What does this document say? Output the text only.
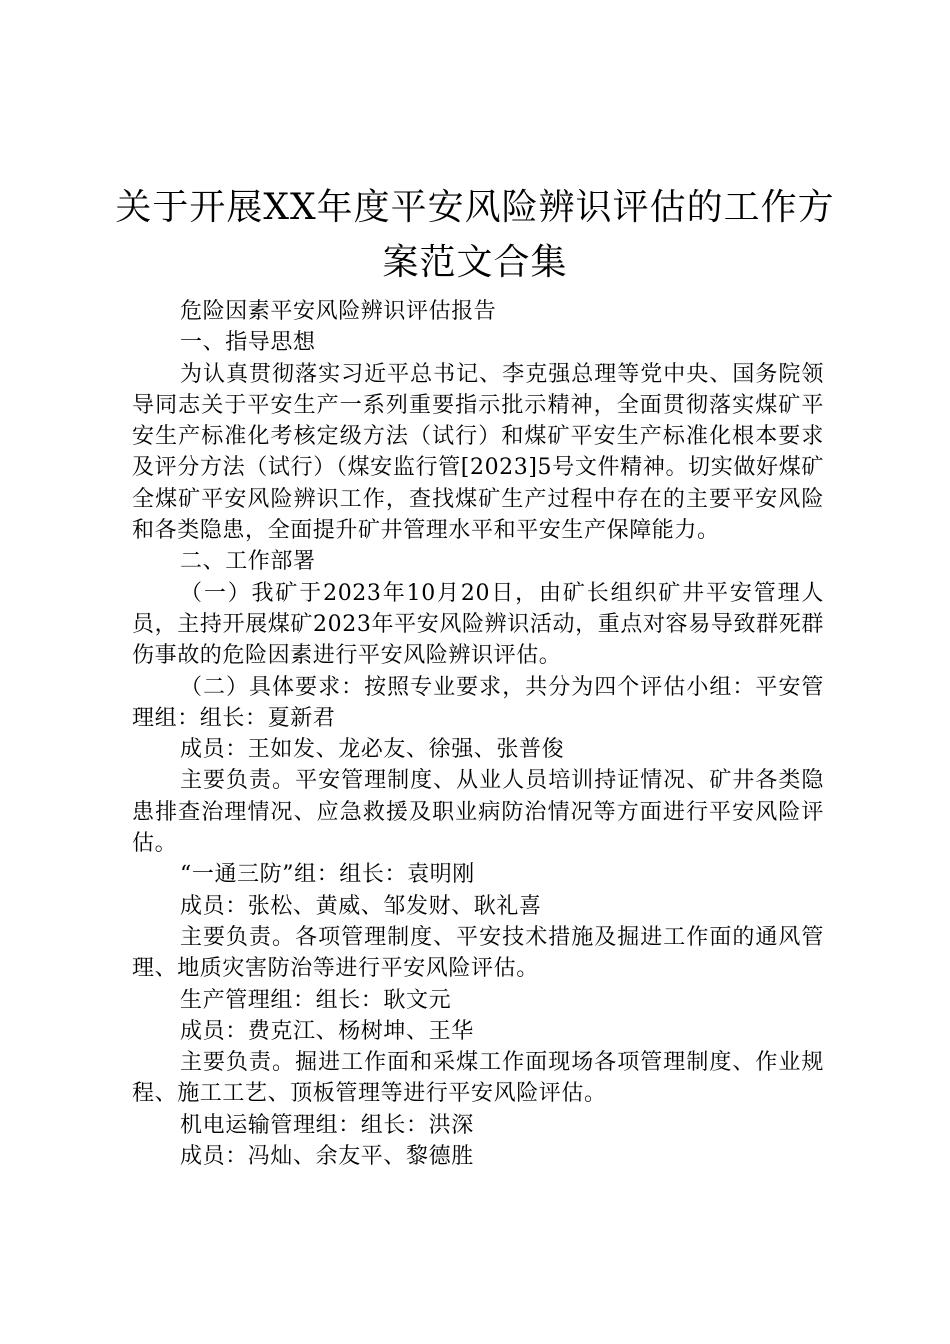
关于开展XX年度平安风险辨识评估的工作方
案范文合集

危险因素平安风险辨识评估报告

一、指导思想

为认真贯彻落实习近平总书记、李克强总理等党中央、国务院领导同志关于平安生产一系列重要指示批示精神，全面贯彻落实煤矿平安生产标准化考核定级方法（试行）和煤矿平安生产标准化根本要求及评分方法（试行）（煤安监行管[2023]5号文件精神。切实做好煤矿全煤矿平安风险辨识工作，查找煤矿生产过程中存在的主要平安风险和各类隐患，全面提升矿井管理水平和平安生产保障能力。

二、工作部署

（一）我矿于2023年10月20日，由矿长组织矿井平安管理人员，主持开展煤矿2023年平安风险辨识活动，重点对容易导致群死群伤事故的危险因素进行平安风险辨识评估。

（二）具体要求：按照专业要求，共分为四个评估小组：平安管理组：组长：夏新君

成员：王如发、龙必友、徐强、张普俊

主要负责。平安管理制度、从业人员培训持证情况、矿井各类隐患排查治理情况、应急救援及职业病防治情况等方面进行平安风险评估。

“一通三防”组：组长：袁明刚

成员：张松、黄威、邹发财、耿礼喜

主要负责。各项管理制度、平安技术措施及掘进工作面的通风管理、地质灾害防治等进行平安风险评估。

生产管理组：组长：耿文元

成员：费克江、杨树坤、王华

主要负责。掘进工作面和采煤工作面现场各项管理制度、作业规程、施工工艺、顶板管理等进行平安风险评估。

机电运输管理组：组长：洪深

成员：冯灿、余友平、黎德胜
